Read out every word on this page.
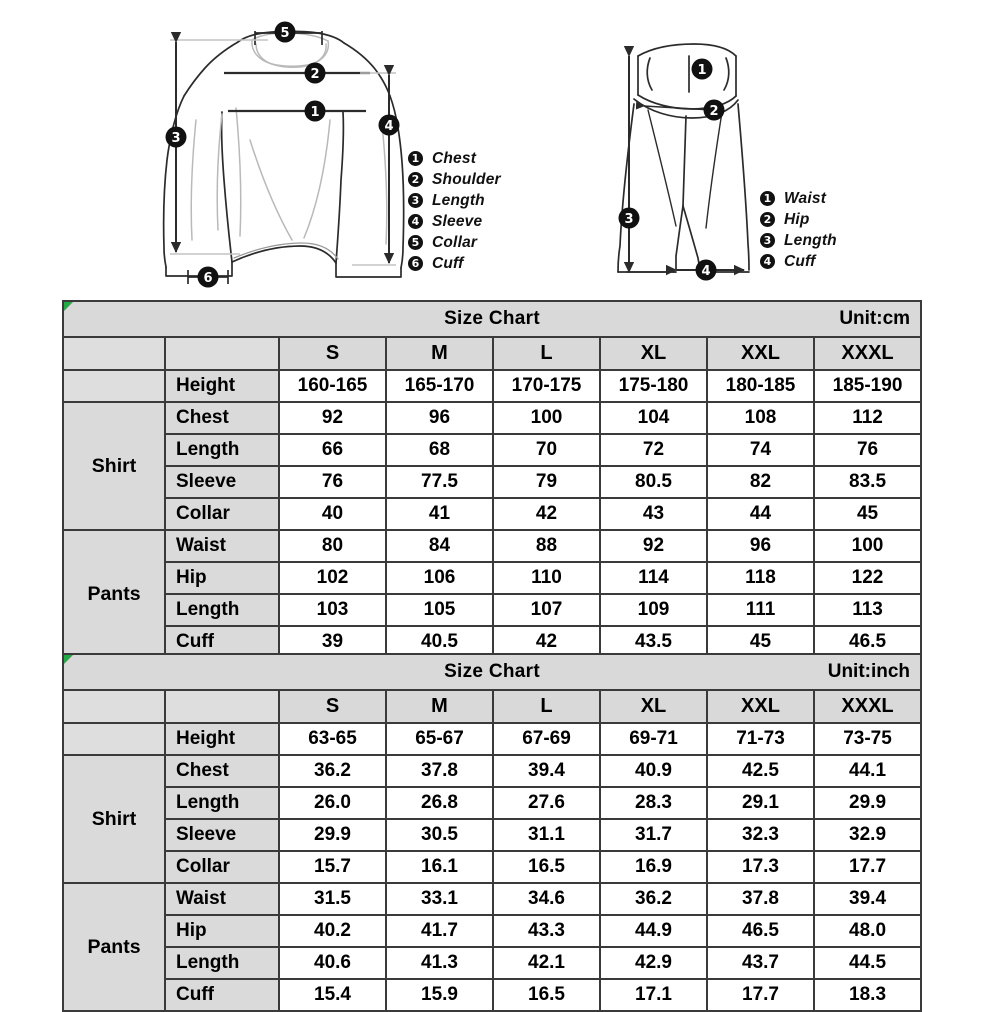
1
2
3
4
5
6
1
2
3
4
1 Chest
2 Shoulder
3 Length
4 Sleeve
5 Collar
6 Cuff
1 Waist
2 Hip
3 Length
4 Cuff
Size Chart Unit:cm							

		S	M	L	XL	XXL	XXXL
	Height	160-165	165-170	170-175	175-180	180-185	185-190
Shirt	Chest	92	96	100	104	108	112
	Length	66	68	70	72	74	76
	Sleeve	76	77.5	79	80.5	82	83.5
	Collar	40	41	42	43	44	45
Pants	Waist	80	84	88	92	96	100
	Hip	102	106	110	114	118	122
	Length	103	105	107	109	111	113
	Cuff	39	40.5	42	43.5	45	46.5
Size Chart Unit:inch							

		S	M	L	XL	XXL	XXXL
	Height	63-65	65-67	67-69	69-71	71-73	73-75
Shirt	Chest	36.2	37.8	39.4	40.9	42.5	44.1
	Length	26.0	26.8	27.6	28.3	29.1	29.9
	Sleeve	29.9	30.5	31.1	31.7	32.3	32.9
	Collar	15.7	16.1	16.5	16.9	17.3	17.7
Pants	Waist	31.5	33.1	34.6	36.2	37.8	39.4
	Hip	40.2	41.7	43.3	44.9	46.5	48.0
	Length	40.6	41.3	42.1	42.9	43.7	44.5
	Cuff	15.4	15.9	16.5	17.1	17.7	18.3
